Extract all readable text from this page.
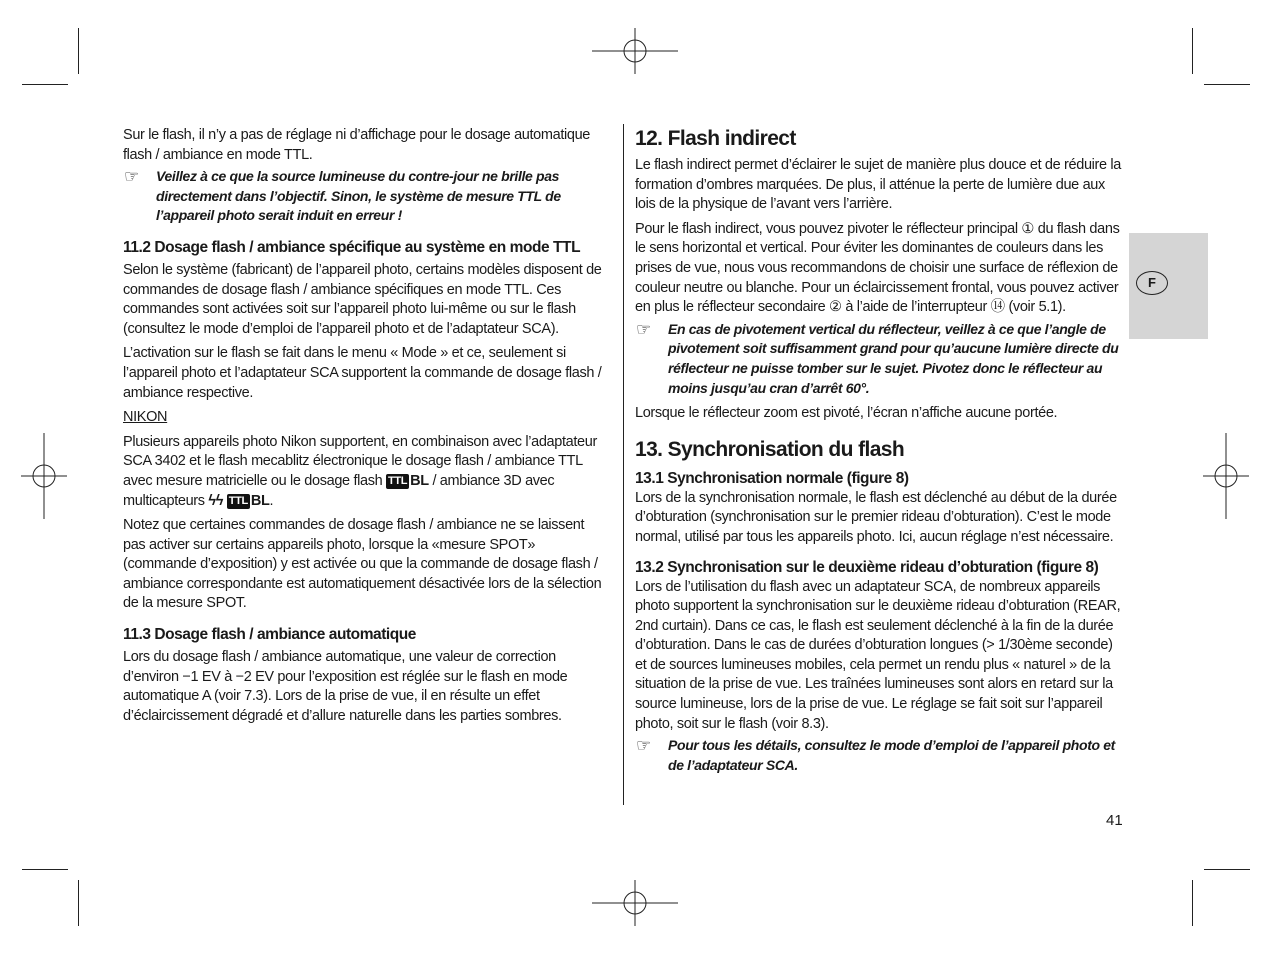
Sur le flash, il n’y a pas de réglage ni d’affichage pour le dosage automatique flash / ambiance en mode TTL.

☞	Veillez à ce que la source lumineuse du contre-jour ne brille pas directement dans l’objectif. Sinon, le système de mesure TTL de l’appareil photo serait induit en erreur !
11.2 Dosage flash / ambiance spécifique au système en mode TTL

Selon le système (fabricant) de l’appareil photo, certains modèles disposent de commandes de dosage flash / ambiance spécifiques en mode TTL. Ces commandes sont activées soit sur l’appareil photo lui-même ou sur le flash (consultez le mode d’emploi de l’appareil photo et de l’adaptateur SCA).

L’activation sur le flash se fait dans le menu « Mode » et ce, seulement si l’appareil photo et l’adaptateur SCA supportent la commande de dosage flash / ambiance respective.

NIKON

Plusieurs appareils photo Nikon supportent, en combinaison avec l’adaptateur SCA 3402 et le flash mecablitz électronique le dosage flash / ambiance TTL avec mesure matricielle ou le dosage flash TTL BL / ambiance 3D avec multicapteurs ϟϟ TTL BL.

Notez que certaines commandes de dosage flash / ambiance ne se laissent pas activer sur certains appareils photo, lorsque la «mesure SPOT» (commande d’exposition) y est activée ou que la commande de dosage flash / ambiance correspondante est automatiquement désactivée lors de la sélection de la mesure SPOT.

11.3 Dosage flash / ambiance automatique

Lors du dosage flash / ambiance automatique, une valeur de correction d’environ −1 EV à −2 EV pour l’exposition est réglée sur le flash en mode automatique A (voir 7.3). Lors de la prise de vue, il en résulte un effet d’éclaircissement dégradé et d’allure naturelle dans les parties sombres.

12. Flash indirect

Le flash indirect permet d’éclairer le sujet de manière plus douce et de réduire la formation d’ombres marquées. De plus, il atténue la perte de lumière due aux lois de la physique de l’avant vers l’arrière.

Pour le flash indirect, vous pouvez pivoter le réflecteur principal ① du flash dans le sens horizontal et vertical. Pour éviter les dominantes de couleurs dans les prises de vue, nous vous recommandons de choisir une surface de réflexion de couleur neutre ou blanche. Pour un éclaircissement frontal, vous pouvez activer en plus le réflecteur secondaire ② à l’aide de l’interrupteur ⑭ (voir 5.1).

☞	En cas de pivotement vertical du réflecteur, veillez à ce que l’angle de pivotement soit suffisamment grand pour qu’aucune lumière directe du réflecteur ne puisse tomber sur le sujet. Pivotez donc le réflecteur au moins jusqu’au cran d’arrêt 60°.

Lorsque le réflecteur zoom est pivoté, l’écran n’affiche aucune portée.

13. Synchronisation du flash
13.1 Synchronisation normale (figure 8)

Lors de la synchronisation normale, le flash est déclenché au début de la durée d’obturation (synchronisation sur le premier rideau d’obturation). C’est le mode normal, utilisé par tous les appareils photo. Ici, aucun réglage n’est nécessaire.

13.2 Synchronisation sur le deuxième rideau d’obturation (figure 8)

Lors de l’utilisation du flash avec un adaptateur SCA, de nombreux appareils photo supportent la synchronisation sur le deuxième rideau d’obturation (REAR, 2nd curtain). Dans ce cas, le flash est seulement déclenché à la fin de la durée d’obturation. Dans le cas de durées d’obturation longues (> 1/30ème seconde) et de sources lumineuses mobiles, cela permet un rendu plus « naturel » de la situation de la prise de vue. Les traînées lumineuses sont alors en retard sur la source lumineuse, lors de la prise de vue. Le réglage se fait soit sur l’appareil photo, soit sur le flash (voir 8.3).

☞	Pour tous les détails, consultez le mode d’emploi de l’appareil photo et de l’adaptateur SCA.
F
41
